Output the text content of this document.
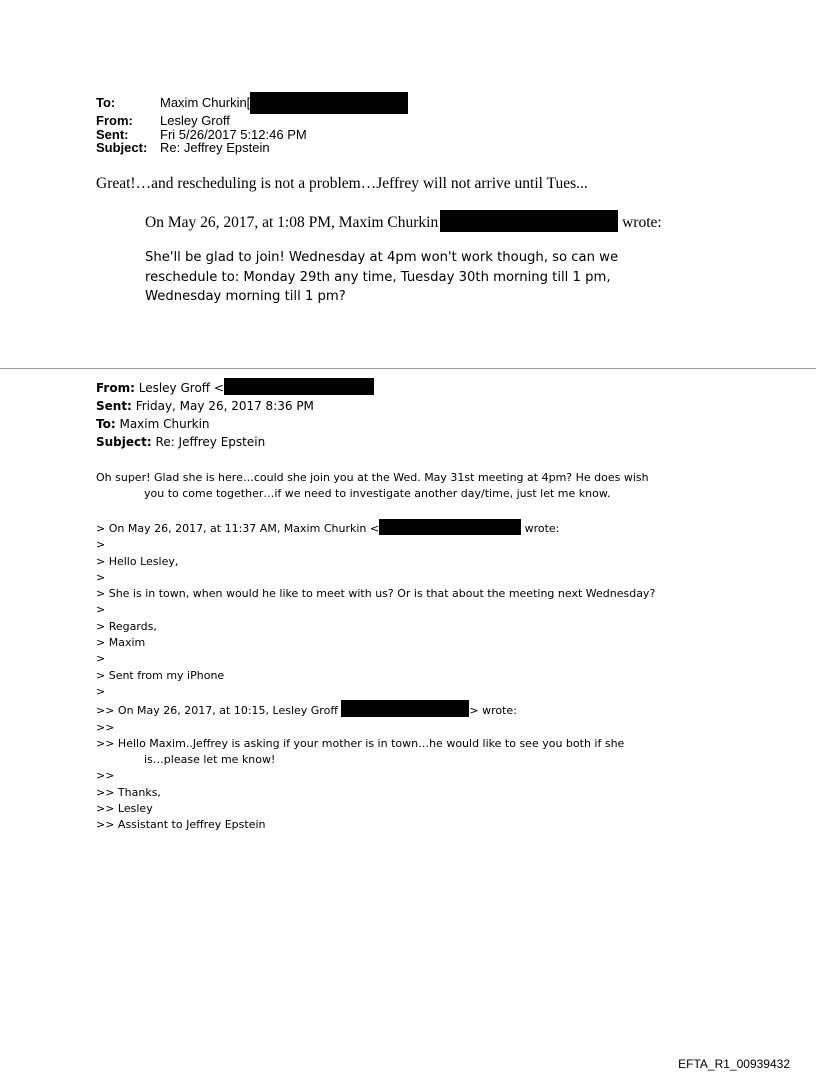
To:	Maxim Churkin[
From:	Lesley Groff
Sent:	Fri 5/26/2017 5:12:46 PM
Subject: Re: Jeffrey Epstein
Great!…and rescheduling is not a problem…Jeffrey will not arrive until Tues...
On May 26, 2017, at 1:08 PM, Maxim Churkin	wrote:
She'll be glad to join! Wednesday at 4pm won't work though, so can we reschedule to: Monday 29th any time, Tuesday 30th morning till 1 pm, Wednesday morning till 1 pm?
From: Lesley Groff <
Sent: Friday, May 26, 2017 8:36 PM
To: Maxim Churkin
Subject: Re: Jeffrey Epstein
Oh super! Glad she is here…could she join you at the Wed. May 31st meeting at 4pm? He does wish
you to come together…if we need to investigate another day/time, just let me know.
> On May 26, 2017, at 11:37 AM, Maxim Churkin <	wrote:
>
> Hello Lesley,
>
> She is in town, when would he like to meet with us? Or is that about the meeting next Wednesday?
>
> Regards,
> Maxim
>
> Sent from my iPhone
>
>> On May 26, 2017, at 10:15, Lesley Groff	> wrote:
>>
>> Hello Maxim..Jeffrey is asking if your mother is in town…he would like to see you both if she
is…please let me know!
>>
>> Thanks,
>> Lesley
>> Assistant to Jeffrey Epstein
EFTA_R1_00939432
